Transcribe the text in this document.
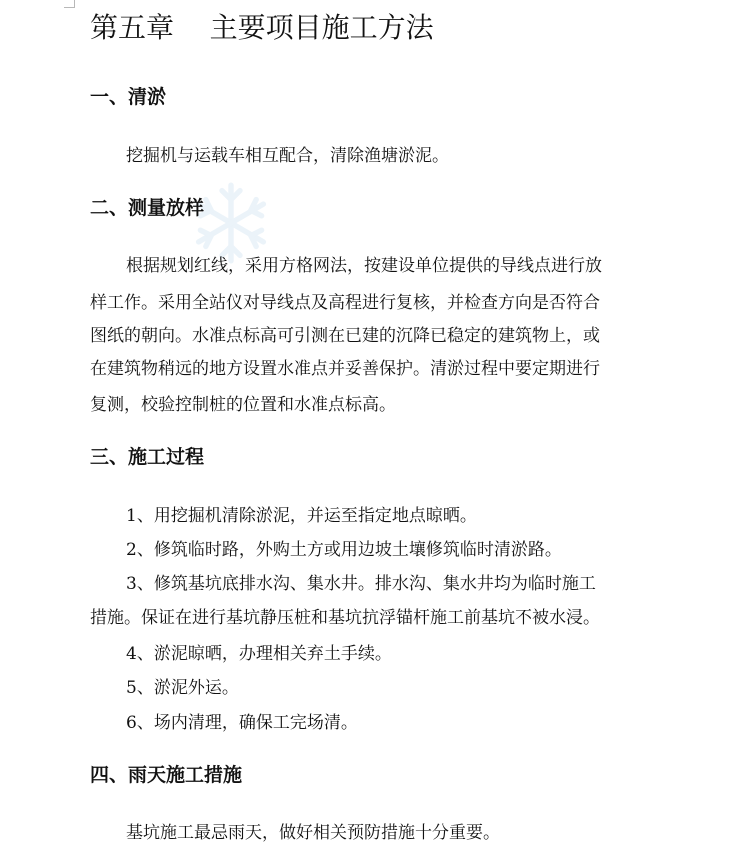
第五章    主要项目施工方法
一、清淤

挖掘机与运载车相互配合，清除渔塘淤泥。

二、测量放样

根据规划红线，采用方格网法，按建设单位提供的导线点进行放

样工作。采用全站仪对导线点及高程进行复核，并检查方向是否符合

图纸的朝向。水准点标高可引测在已建的沉降已稳定的建筑物上，或

在建筑物稍远的地方设置水准点并妥善保护。清淤过程中要定期进行

复测，校验控制桩的位置和水准点标高。

三、施工过程

1、用挖掘机清除淤泥，并运至指定地点晾晒。

2、修筑临时路，外购土方或用边坡土壤修筑临时清淤路。

3、修筑基坑底排水沟、集水井。排水沟、集水井均为临时施工

措施。保证在进行基坑静压桩和基坑抗浮锚杆施工前基坑不被水浸。

4、淤泥晾晒，办理相关弃土手续。

5、淤泥外运。

6、场内清理，确保工完场清。

四、雨天施工措施

基坑施工最忌雨天，做好相关预防措施十分重要。
